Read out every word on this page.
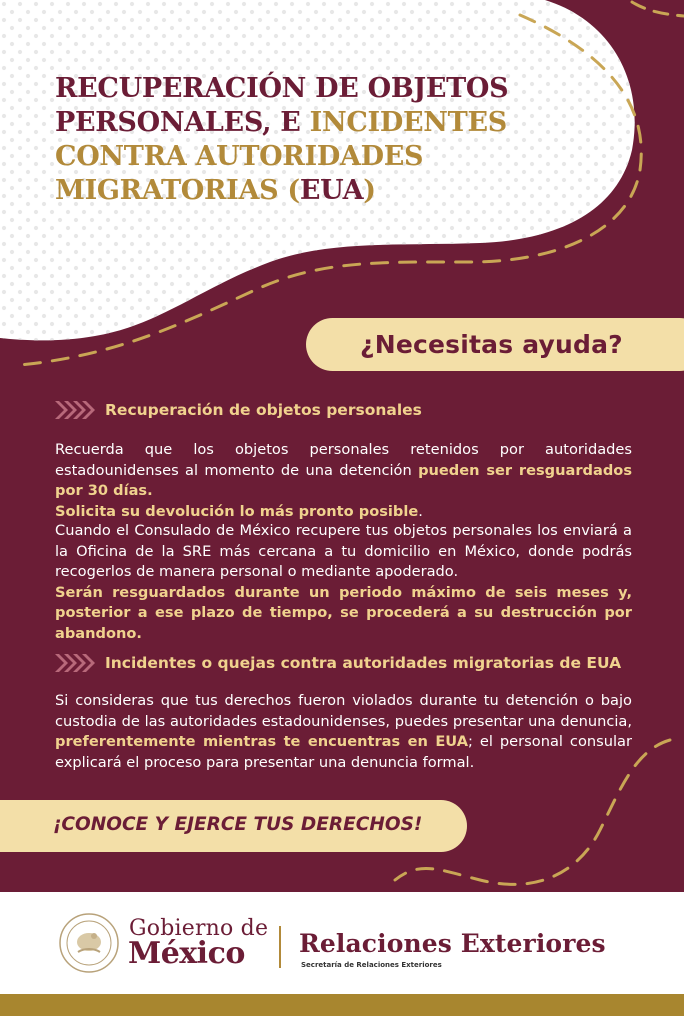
RECUPERACIÓN DE OBJETOS
PERSONALES, E INCIDENTES
CONTRA AUTORIDADES
MIGRATORIAS (EUA)
¿Necesitas ayuda?
Recuperación de objetos personales
Recuerda que los objetos personales retenidos por autoridades estadounidenses al momento de una detención pueden ser resguardados por 30 días.
Solicita su devolución lo más pronto posible.
Cuando el Consulado de México recupere tus objetos personales los enviará a la Oficina de la SRE más cercana a tu domicilio en México, donde podrás recogerlos de manera personal o mediante apoderado.
Serán resguardados durante un periodo máximo de seis meses y, posterior a ese plazo de tiempo, se procederá a su destrucción por abandono.
Incidentes o quejas contra autoridades migratorias de EUA
Si consideras que tus derechos fueron violados durante tu detención o bajo custodia de las autoridades estadounidenses, puedes presentar una denuncia, preferentemente mientras te encuentras en EUA; el personal consular explicará el proceso para presentar una denuncia formal.
¡CONOCE Y EJERCE TUS DERECHOS!
Gobierno de
México Relaciones Exteriores
Secretaría de Relaciones Exteriores
